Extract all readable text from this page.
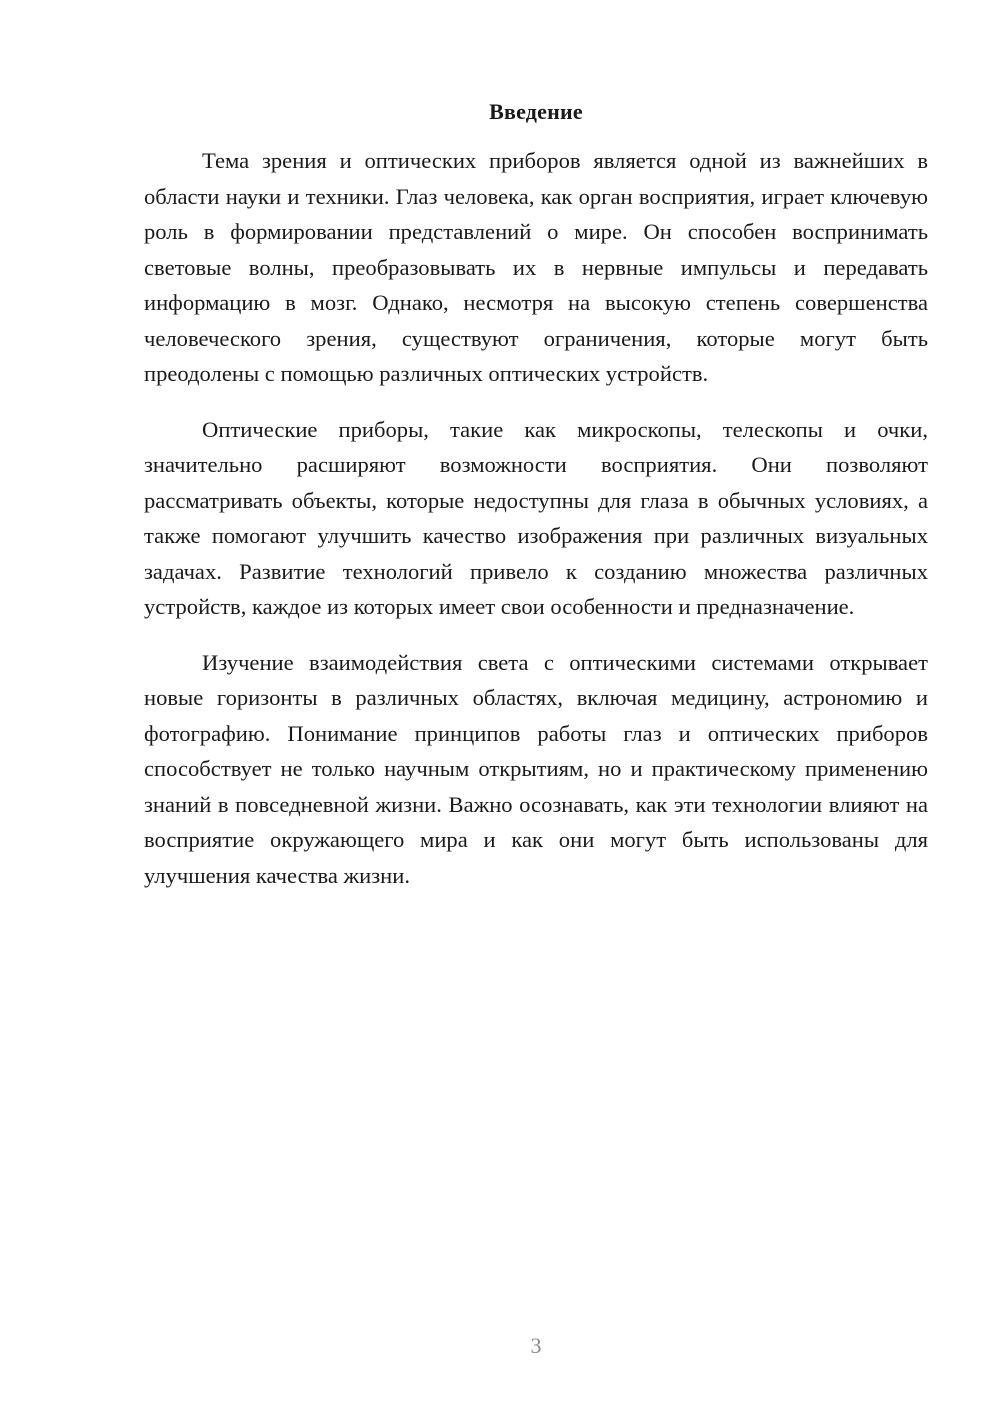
Введение

Тема зрения и оптических приборов является одной из важнейших в области науки и техники. Глаз человека, как орган восприятия, играет ключевую роль в формировании представлений о мире. Он способен воспринимать световые волны, преобразовывать их в нервные импульсы и передавать информацию в мозг. Однако, несмотря на высокую степень совершенства человеческого зрения, существуют ограничения, которые могут быть преодолены с помощью различных оптических устройств.

Оптические приборы, такие как микроскопы, телескопы и очки, значительно расширяют возможности восприятия. Они позволяют рассматривать объекты, которые недоступны для глаза в обычных условиях, а также помогают улучшить качество изображения при различных визуальных задачах. Развитие технологий привело к созданию множества различных устройств, каждое из которых имеет свои особенности и предназначение.

Изучение взаимодействия света с оптическими системами открывает новые горизонты в различных областях, включая медицину, астрономию и фотографию. Понимание принципов работы глаз и оптических приборов способствует не только научным открытиям, но и практическому применению знаний в повседневной жизни. Важно осознавать, как эти технологии влияют на восприятие окружающего мира и как они могут быть использованы для улучшения качества жизни.

3
